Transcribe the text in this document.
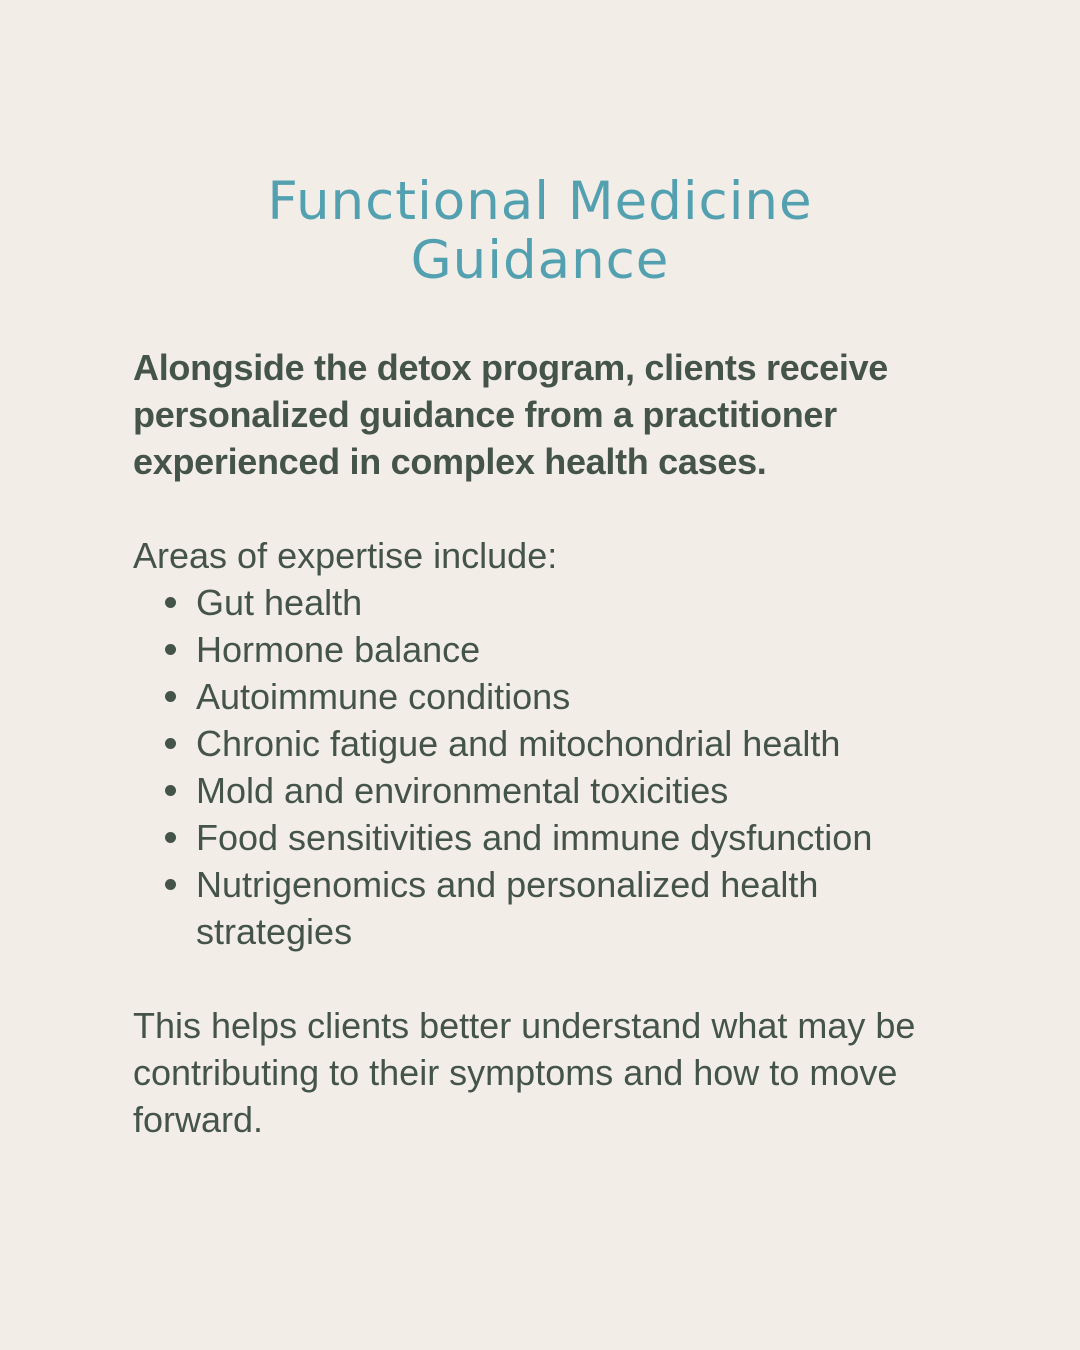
Functional Medicine
Guidance

Alongside the detox program, clients receive personalized guidance from a practitioner experienced in complex health cases.

Areas of expertise include:

Gut health
Hormone balance
Autoimmune conditions
Chronic fatigue and mitochondrial health
Mold and environmental toxicities
Food sensitivities and immune dysfunction
Nutrigenomics and personalized health strategies

This helps clients better understand what may be contributing to their symptoms and how to move forward.
